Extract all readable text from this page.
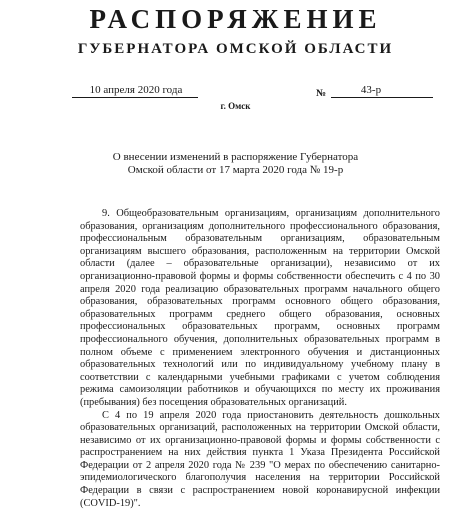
РАСПОРЯЖЕНИЕ
ГУБЕРНАТОРА ОМСКОЙ ОБЛАСТИ
10 апреля 2020 года	№	43-р
г. Омск
О внесении изменений в распоряжение Губернатора
Омской области от 17 марта 2020 года № 19-р

9. Общеобразовательным организациям, организациям дополнительного образования, организациям дополнительного профессионального образования, профессиональным образовательным организациям, образовательным организациям высшего образования, расположенным на территории Омской области (далее – образовательные организации), независимо от их организационно-правовой формы и формы собственности обеспечить с 4 по 30 апреля 2020 года реализацию образовательных программ начального общего образования, образовательных программ основного общего образования, образовательных программ среднего общего образования, основных профессиональных образовательных программ, основных программ профессионального обучения, дополнительных образовательных программ в полном объеме с применением электронного обучения и дистанционных образовательных технологий или по индивидуальному учебному плану в соответствии с календарными учебными графиками с учетом соблюдения режима самоизоляции работников и обучающихся по месту их проживания (пребывания) без посещения образовательных организаций.

С 4 по 19 апреля 2020 года приостановить деятельность дошкольных образовательных организаций, расположенных на территории Омской области, независимо от их организационно-правовой формы и формы собственности с распространением на них действия пункта 1 Указа Президента Российской Федерации от 2 апреля 2020 года № 239 "О мерах по обеспечению санитарно-эпидемиологического благополучия населения на территории Российской Федерации в связи с распространением новой коронавирусной инфекции (COVID-19)".
